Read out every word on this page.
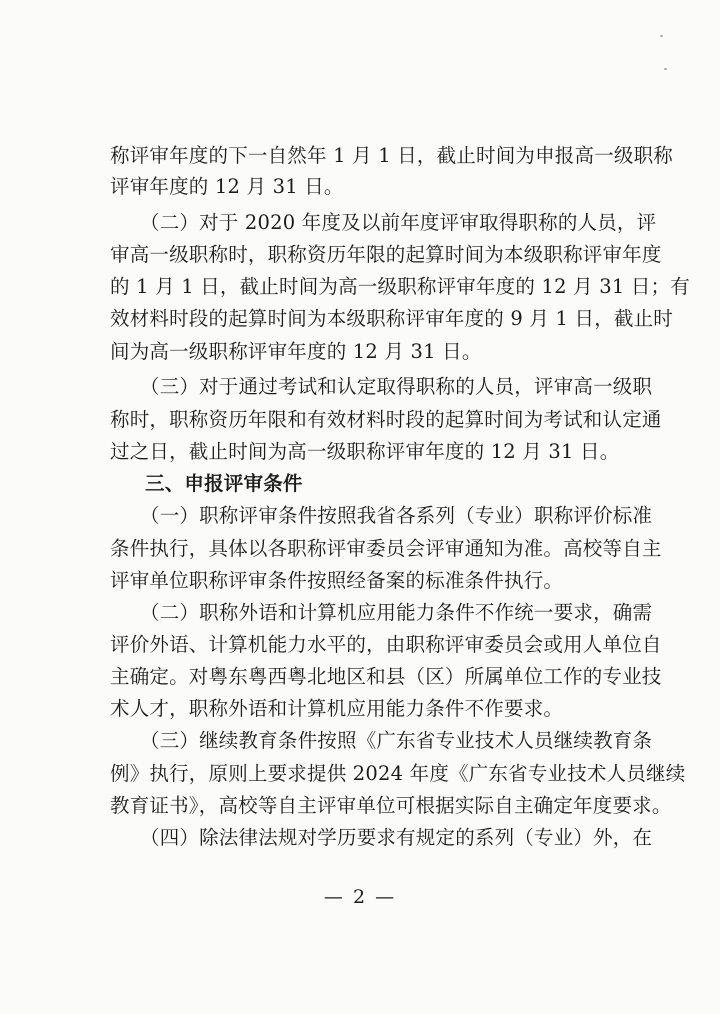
称评审年度的下一自然年 1 月 1 日，截止时间为申报高一级职称
评审年度的 12 月 31 日。
（二）对于 2020 年度及以前年度评审取得职称的人员，评
审高一级职称时，职称资历年限的起算时间为本级职称评审年度
的 1 月 1 日，截止时间为高一级职称评审年度的 12 月 31 日；有
效材料时段的起算时间为本级职称评审年度的 9 月 1 日，截止时
间为高一级职称评审年度的 12 月 31 日。
（三）对于通过考试和认定取得职称的人员，评审高一级职
称时，职称资历年限和有效材料时段的起算时间为考试和认定通
过之日，截止时间为高一级职称评审年度的 12 月 31 日。
三、申报评审条件
（一）职称评审条件按照我省各系列（专业）职称评价标准
条件执行，具体以各职称评审委员会评审通知为准。高校等自主
评审单位职称评审条件按照经备案的标准条件执行。
（二）职称外语和计算机应用能力条件不作统一要求，确需
评价外语、计算机能力水平的，由职称评审委员会或用人单位自
主确定。对粤东粤西粤北地区和县（区）所属单位工作的专业技
术人才，职称外语和计算机应用能力条件不作要求。
（三）继续教育条件按照《广东省专业技术人员继续教育条
例》执行，原则上要求提供 2024 年度《广东省专业技术人员继续
教育证书》，高校等自主评审单位可根据实际自主确定年度要求。
（四）除法律法规对学历要求有规定的系列（专业）外，在
— 2 —
